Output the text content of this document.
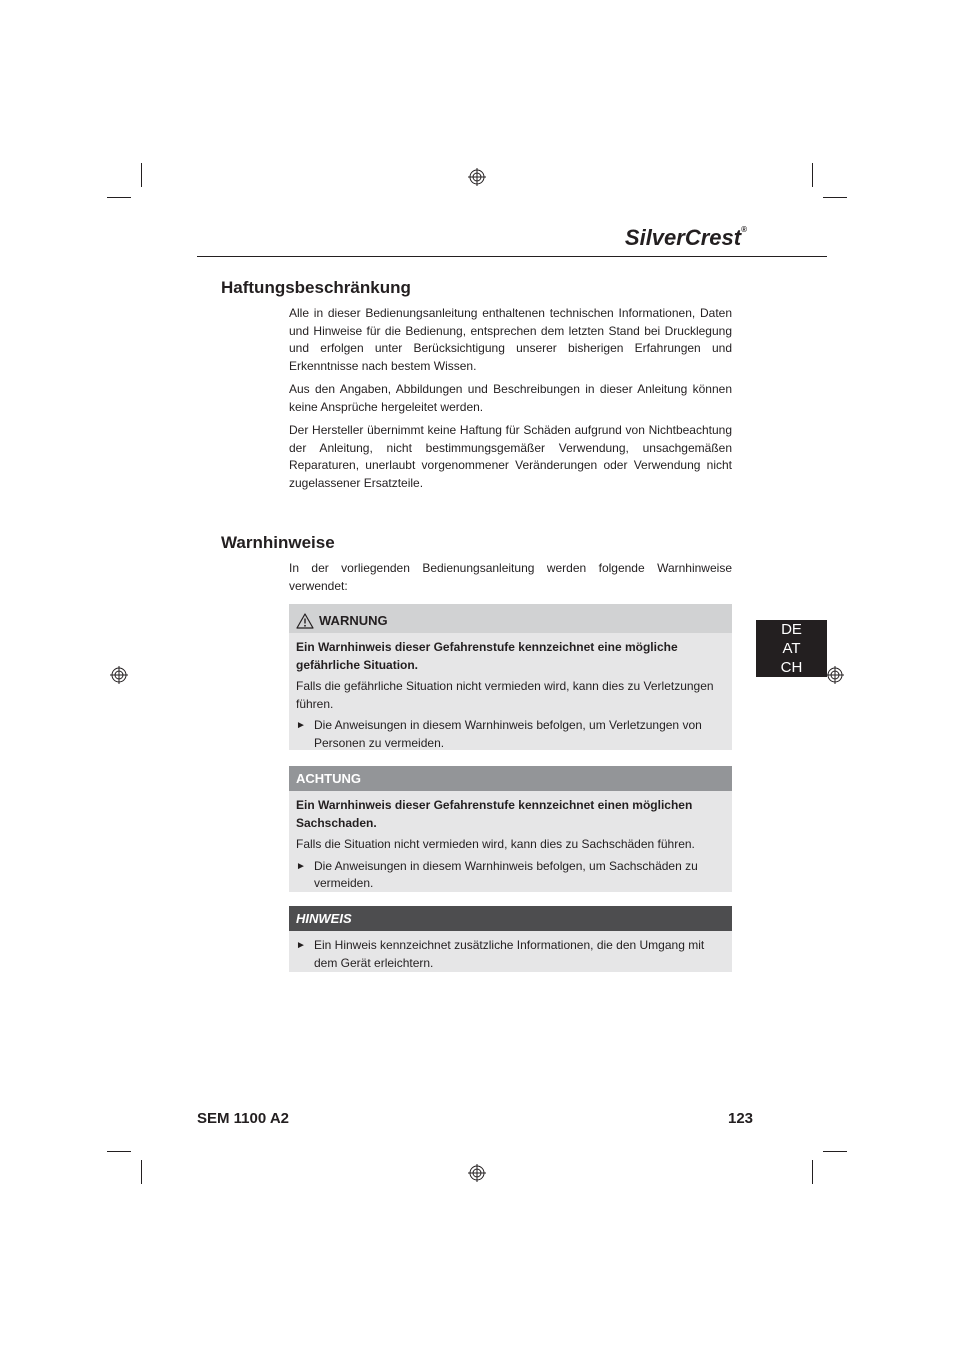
SilverCrest®
Haftungsbeschränkung

Alle in dieser Bedienungsanleitung enthaltenen technischen Informationen, Daten und Hinweise für die Bedienung, entsprechen dem letzten Stand bei Drucklegung und erfolgen unter Berücksichtigung unserer bisherigen Erfahrungen und Erkenntnisse nach bestem Wissen.

Aus den Angaben, Abbildungen und Beschreibungen in dieser Anleitung können keine Ansprüche hergeleitet werden.

Der Hersteller übernimmt keine Haftung für Schäden aufgrund von Nichtbeachtung der Anleitung, nicht bestimmungsgemäßer Verwendung, unsachgemäßen Reparaturen, unerlaubt vorgenommener Veränderungen oder Verwendung nicht zugelassener Ersatzteile.

Warnhinweise

In der vorliegenden Bedienungsanleitung werden folgende Warnhinweise verwendet:

WARNUNG

Ein Warnhinweis dieser Gefahrenstufe kennzeichnet eine mögliche gefährliche Situation.

Falls die gefährliche Situation nicht vermieden wird, kann dies zu Verletzungen führen.

► Die Anweisungen in diesem Warnhinweis befolgen, um Verletzungen von Personen zu vermeiden.
ACHTUNG

Ein Warnhinweis dieser Gefahrenstufe kennzeichnet einen möglichen Sachschaden.

Falls die Situation nicht vermieden wird, kann dies zu Sachschäden führen.

► Die Anweisungen in diesem Warnhinweis befolgen, um Sachschäden zu vermeiden.
HINWEIS
► Ein Hinweis kennzeichnet zusätzliche Informationen, die den Umgang mit dem Gerät erleichtern.
DE
AT
CH
SEM 1100 A2	123
